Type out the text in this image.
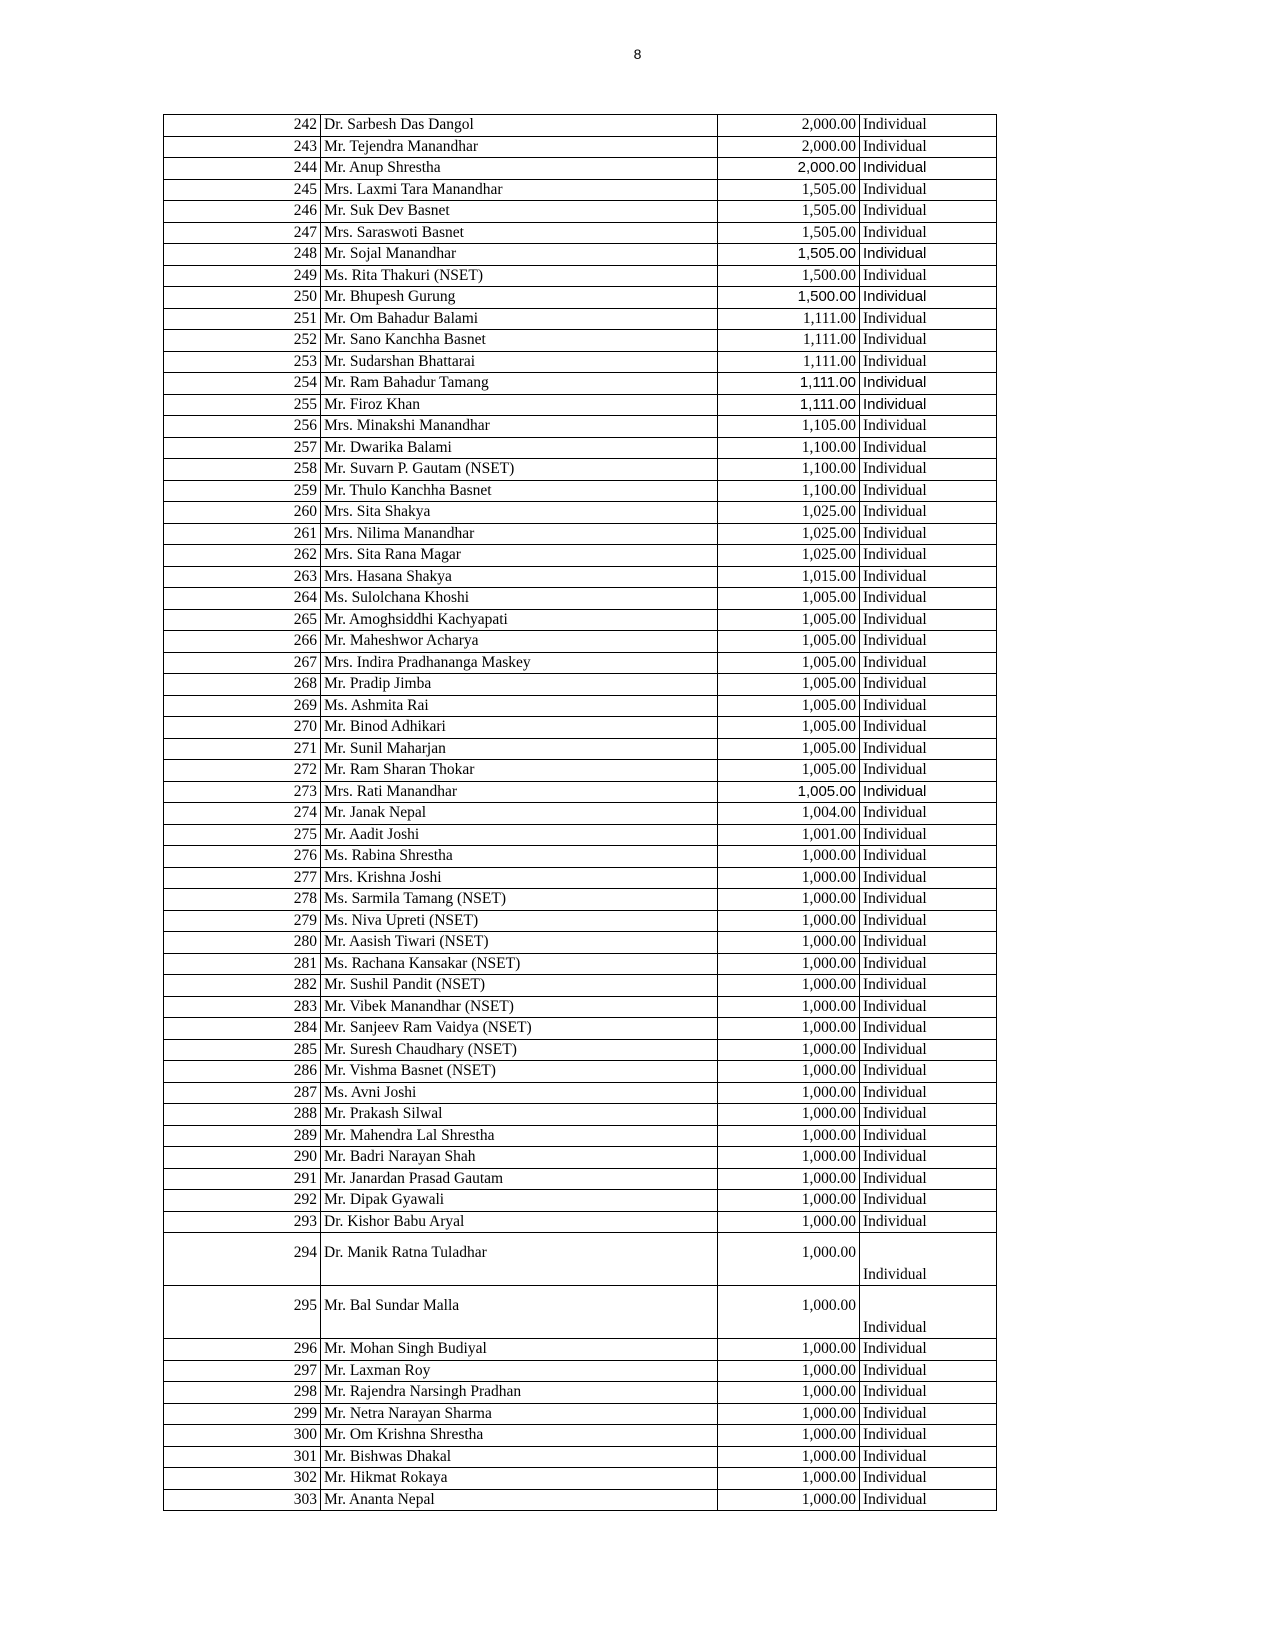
8
242	Dr. Sarbesh Das Dangol	2,000.00	Individual
243	Mr. Tejendra Manandhar	2,000.00	Individual
244	Mr. Anup Shrestha	2,000.00	Individual
245	Mrs. Laxmi Tara Manandhar	1,505.00	Individual
246	Mr. Suk Dev Basnet	1,505.00	Individual
247	Mrs. Saraswoti Basnet	1,505.00	Individual
248	Mr. Sojal Manandhar	1,505.00	Individual
249	Ms. Rita Thakuri (NSET)	1,500.00	Individual
250	Mr. Bhupesh Gurung	1,500.00	Individual
251	Mr. Om Bahadur Balami	1,111.00	Individual
252	Mr. Sano Kanchha Basnet	1,111.00	Individual
253	Mr. Sudarshan Bhattarai	1,111.00	Individual
254	Mr. Ram Bahadur Tamang	1,111.00	Individual
255	Mr. Firoz Khan	1,111.00	Individual
256	Mrs. Minakshi Manandhar	1,105.00	Individual
257	Mr. Dwarika Balami	1,100.00	Individual
258	Mr. Suvarn P. Gautam (NSET)	1,100.00	Individual
259	Mr. Thulo Kanchha Basnet	1,100.00	Individual
260	Mrs. Sita Shakya	1,025.00	Individual
261	Mrs. Nilima Manandhar	1,025.00	Individual
262	Mrs. Sita Rana Magar	1,025.00	Individual
263	Mrs. Hasana Shakya	1,015.00	Individual
264	Ms. Sulolchana Khoshi	1,005.00	Individual
265	Mr. Amoghsiddhi Kachyapati	1,005.00	Individual
266	Mr. Maheshwor Acharya	1,005.00	Individual
267	Mrs. Indira Pradhananga Maskey	1,005.00	Individual
268	Mr. Pradip Jimba	1,005.00	Individual
269	Ms. Ashmita Rai	1,005.00	Individual
270	Mr. Binod Adhikari	1,005.00	Individual
271	Mr. Sunil Maharjan	1,005.00	Individual
272	Mr. Ram Sharan Thokar	1,005.00	Individual
273	Mrs. Rati Manandhar	1,005.00	Individual
274	Mr. Janak Nepal	1,004.00	Individual
275	Mr. Aadit Joshi	1,001.00	Individual
276	Ms. Rabina Shrestha	1,000.00	Individual
277	Mrs. Krishna Joshi	1,000.00	Individual
278	Ms. Sarmila Tamang (NSET)	1,000.00	Individual
279	Ms. Niva Upreti (NSET)	1,000.00	Individual
280	Mr. Aasish Tiwari (NSET)	1,000.00	Individual
281	Ms. Rachana Kansakar (NSET)	1,000.00	Individual
282	Mr. Sushil Pandit (NSET)	1,000.00	Individual
283	Mr. Vibek Manandhar (NSET)	1,000.00	Individual
284	Mr. Sanjeev Ram Vaidya (NSET)	1,000.00	Individual
285	Mr. Suresh Chaudhary (NSET)	1,000.00	Individual
286	Mr. Vishma Basnet (NSET)	1,000.00	Individual
287	Ms. Avni Joshi	1,000.00	Individual
288	Mr. Prakash Silwal	1,000.00	Individual
289	Mr. Mahendra Lal Shrestha	1,000.00	Individual
290	Mr. Badri Narayan Shah	1,000.00	Individual
291	Mr. Janardan Prasad Gautam	1,000.00	Individual
292	Mr. Dipak Gyawali	1,000.00	Individual
293	Dr. Kishor Babu Aryal	1,000.00	Individual
294	Dr. Manik Ratna Tuladhar	1,000.00	Individual
295	Mr. Bal Sundar Malla	1,000.00	Individual
296	Mr. Mohan Singh Budiyal	1,000.00	Individual
297	Mr. Laxman Roy	1,000.00	Individual
298	Mr. Rajendra Narsingh Pradhan	1,000.00	Individual
299	Mr. Netra Narayan Sharma	1,000.00	Individual
300	Mr. Om Krishna Shrestha	1,000.00	Individual
301	Mr. Bishwas Dhakal	1,000.00	Individual
302	Mr. Hikmat Rokaya	1,000.00	Individual
303	Mr. Ananta Nepal	1,000.00	Individual
